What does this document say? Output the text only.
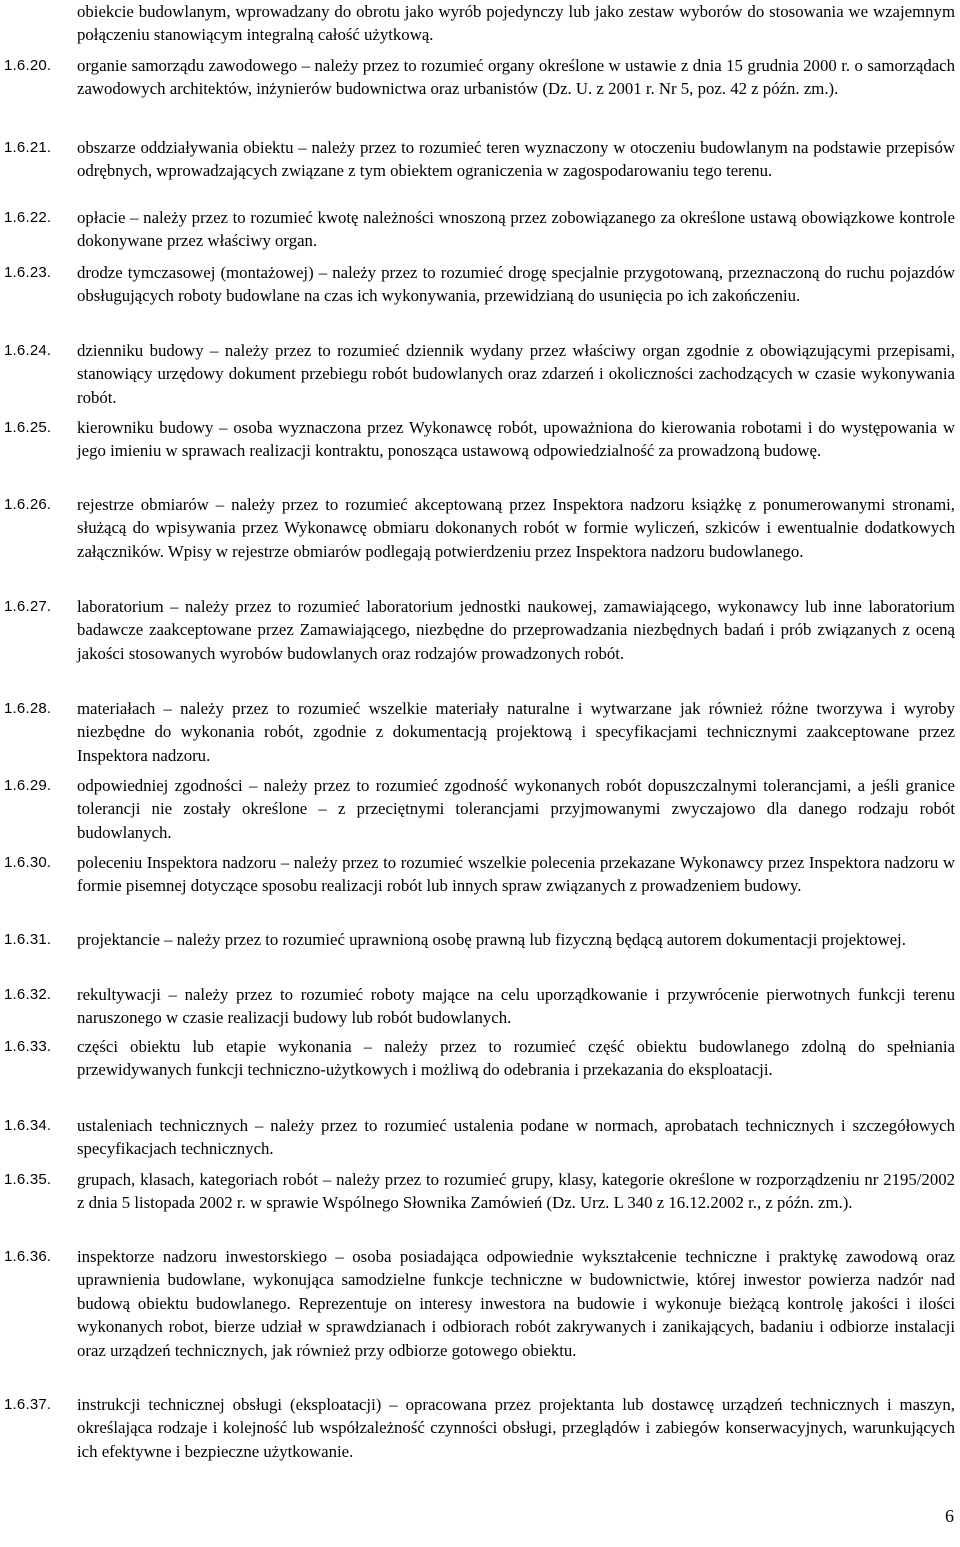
obiekcie budowlanym, wprowadzany do obrotu jako wyrób pojedynczy lub jako zestaw wyborów do stosowania we wzajemnym połączeniu stanowiącym integralną całość użytkową.
1.6.20. organie samorządu zawodowego – należy przez to rozumieć organy określone w ustawie z dnia 15 grudnia 2000 r. o samorządach zawodowych architektów, inżynierów budownictwa oraz urbanistów (Dz. U. z 2001 r. Nr 5, poz. 42 z późn. zm.).
1.6.21. obszarze oddziaływania obiektu – należy przez to rozumieć teren wyznaczony w otoczeniu budowlanym na podstawie przepisów odrębnych, wprowadzających związane z tym obiektem ograniczenia w zagospodarowaniu tego terenu.
1.6.22. opłacie – należy przez to rozumieć kwotę należności wnoszoną przez zobowiązanego za określone ustawą obowiązkowe kontrole dokonywane przez właściwy organ.
1.6.23. drodze tymczasowej (montażowej) – należy przez to rozumieć drogę specjalnie przygotowaną, przeznaczoną do ruchu pojazdów obsługujących roboty budowlane na czas ich wykonywania, przewidzianą do usunięcia po ich zakończeniu.
1.6.24. dzienniku budowy – należy przez to rozumieć dziennik wydany przez właściwy organ zgodnie z obowiązującymi przepisami, stanowiący urzędowy dokument przebiegu robót budowlanych oraz zdarzeń i okoliczności zachodzących w czasie wykonywania robót.
1.6.25. kierowniku budowy – osoba wyznaczona przez Wykonawcę robót, upoważniona do kierowania robotami i do występowania w jego imieniu w sprawach realizacji kontraktu, ponosząca ustawową odpowiedzialność za prowadzoną budowę.
1.6.26. rejestrze obmiarów – należy przez to rozumieć akceptowaną przez Inspektora nadzoru książkę z ponumerowanymi stronami, służącą do wpisywania przez Wykonawcę obmiaru dokonanych robót w formie wyliczeń, szkiców i ewentualnie dodatkowych załączników. Wpisy w rejestrze obmiarów podlegają potwierdzeniu przez Inspektora nadzoru budowlanego.
1.6.27. laboratorium – należy przez to rozumieć laboratorium jednostki naukowej, zamawiającego, wykonawcy lub inne laboratorium badawcze zaakceptowane przez Zamawiającego, niezbędne do przeprowadzania niezbędnych badań i prób związanych z oceną jakości stosowanych wyrobów budowlanych oraz rodzajów prowadzonych robót.
1.6.28. materiałach – należy przez to rozumieć wszelkie materiały naturalne i wytwarzane jak również różne tworzywa i wyroby niezbędne do wykonania robót, zgodnie z dokumentacją projektową i specyfikacjami technicznymi zaakceptowane przez Inspektora nadzoru.
1.6.29. odpowiedniej zgodności – należy przez to rozumieć zgodność wykonanych robót dopuszczalnymi tolerancjami, a jeśli granice tolerancji nie zostały określone – z przeciętnymi tolerancjami przyjmowanymi zwyczajowo dla danego rodzaju robót budowlanych.
1.6.30. poleceniu Inspektora nadzoru – należy przez to rozumieć wszelkie polecenia przekazane Wykonawcy przez Inspektora nadzoru w formie pisemnej dotyczące sposobu realizacji robót lub innych spraw związanych z prowadzeniem budowy.
1.6.31. projektancie – należy przez to rozumieć uprawnioną osobę prawną lub fizyczną będącą autorem dokumentacji projektowej.
1.6.32. rekultywacji – należy przez to rozumieć roboty mające na celu uporządkowanie i przywrócenie pierwotnych funkcji terenu naruszonego w czasie realizacji budowy lub robót budowlanych.
1.6.33. części obiektu lub etapie wykonania – należy przez to rozumieć część obiektu budowlanego zdolną do spełniania przewidywanych funkcji techniczno-użytkowych i możliwą do odebrania i przekazania do eksploatacji.
1.6.34. ustaleniach technicznych – należy przez to rozumieć ustalenia podane w normach, aprobatach technicznych i szczegółowych specyfikacjach technicznych.
1.6.35. grupach, klasach, kategoriach robót – należy przez to rozumieć grupy, klasy, kategorie określone w rozporządzeniu nr 2195/2002 z dnia 5 listopada 2002 r. w sprawie Wspólnego Słownika Zamówień (Dz. Urz. L 340 z 16.12.2002 r., z późn. zm.).
1.6.36. inspektorze nadzoru inwestorskiego – osoba posiadająca odpowiednie wykształcenie techniczne i praktykę zawodową oraz uprawnienia budowlane, wykonująca samodzielne funkcje techniczne w budownictwie, której inwestor powierza nadzór nad budową obiektu budowlanego. Reprezentuje on interesy inwestora na budowie i wykonuje bieżącą kontrolę jakości i ilości wykonanych robot, bierze udział w sprawdzianach i odbiorach robót zakrywanych i zanikających, badaniu i odbiorze instalacji oraz urządzeń technicznych, jak również przy odbiorze gotowego obiektu.
1.6.37. instrukcji technicznej obsługi (eksploatacji) – opracowana przez projektanta lub dostawcę urządzeń technicznych i maszyn, określająca rodzaje i kolejność lub współzależność czynności obsługi, przeglądów i zabiegów konserwacyjnych, warunkujących ich efektywne i bezpieczne użytkowanie.
6
